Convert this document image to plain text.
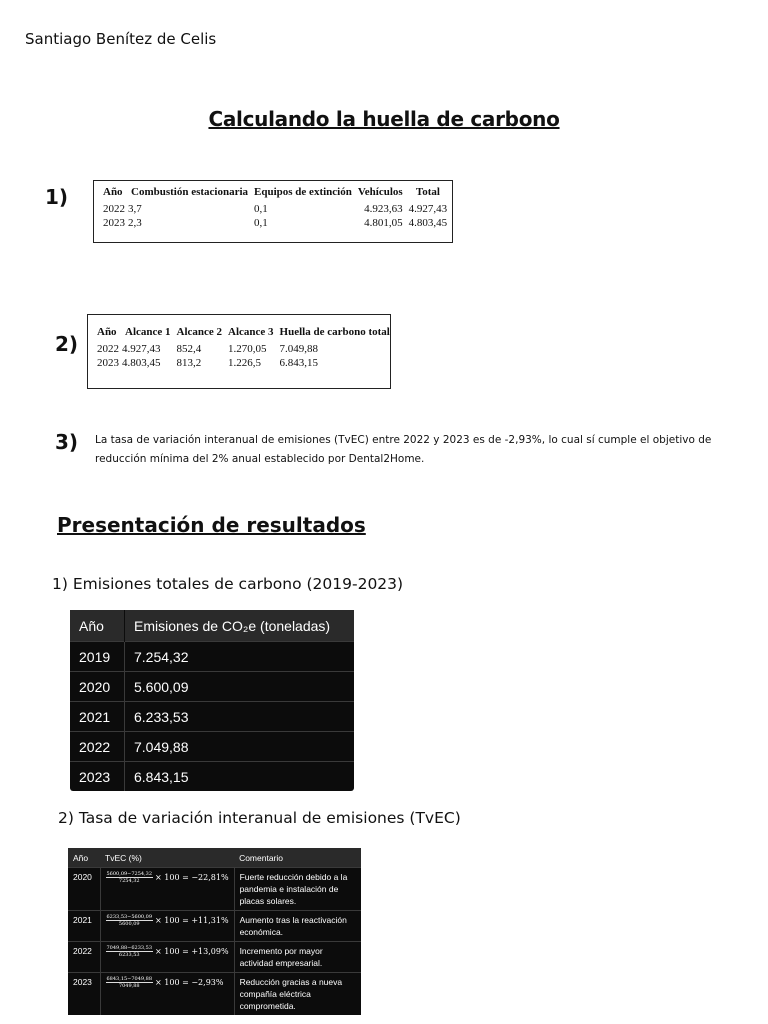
Santiago Benítez de Celis
Calculando la huella de carbono
1)	Año	Combustión estacionaria	Equipos de extinción	Vehículos	Total
2022	3,7	0,1	4.923,63	4.927,43
2023	2,3	0,1	4.801,05	4.803,45
2) Año	Alcance 1	Alcance 2	Alcance 3	Huella de carbono total
2022	4.927,43	852,4	1.270,05	7.049,88
2023	4.803,45	813,2	1.226,5	6.843,15
3) La tasa de variación interanual de emisiones (TvEC) entre 2022 y 2023 es de -2,93%, lo cual sí cumple el objetivo de reducción mínima del 2% anual establecido por Dental2Home.
Presentación de resultados
1) Emisiones totales de carbono (2019-2023)
Año	Emisiones de CO₂e (toneladas)
2019	7.254,32
2020	5.600,09
2021	6.233,53
2022	7.049,88
2023	6.843,15
2) Tasa de variación interanual de emisiones (TvEC)
Año	TvEC (%)	Comentario
2020	$\frac{5600,09-7254,32}{7254,32} \times 100 = -22,81\%$	Fuerte reducción debido a la pandemia e instalación de placas solares.
2021	$\frac{6233,53-5600,09}{5600,09} \times 100 = +11,31\%$	Aumento tras la reactivación económica.
2022	$\frac{7049,88-6233,53}{6233,53} \times 100 = +13,09\%$	Incremento por mayor actividad empresarial.
2023	$\frac{6843,15-7049,88}{7049,88} \times 100 = -2,93\%$	Reducción gracias a nueva compañía eléctrica comprometida.
